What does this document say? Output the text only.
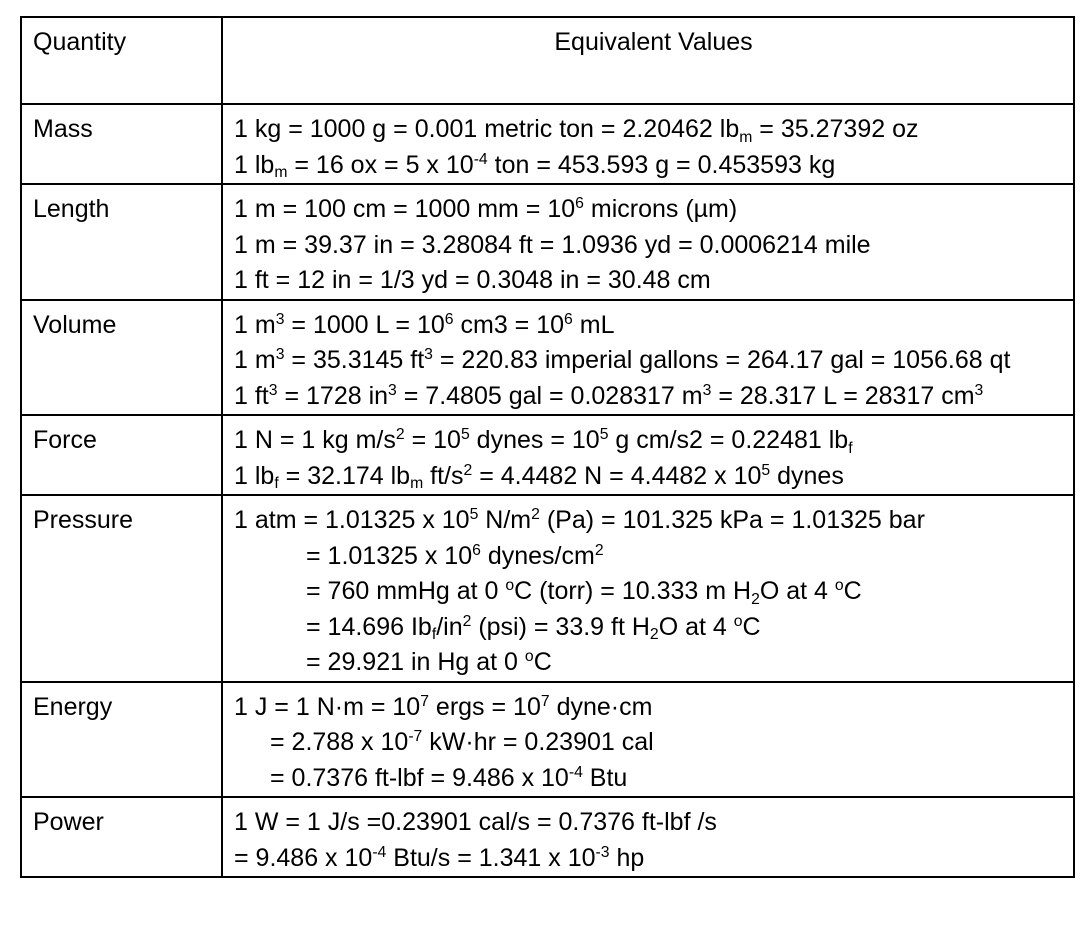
Quantity	Equivalent Values
Mass	1 kg = 1000 g = 0.001 metric ton = 2.20462 $lb_m = 35.27392$ oz
1 $lb_m = 16$ ox = 5 x $10^{-4}$ ton = 453.593 g = 0.453593 kg

Length	1 m = 100 cm = 1000 mm = $10^6$ microns (µm)
1 m = 39.37 in = 3.28084 ft = 1.0936 yd = 0.0006214 mile
1 ft = 12 in = 1/3 yd = 0.3048 in = 30.48 cm

Volume	1 $m^3 = 1000$ $L = 10^6$ $cm3 = 10^6$ mL
1 $m^3 = 35.3145$ $ft^3 = 220.83$ imperial gallons = 264.17 gal = 1056.68 qt
1 $ft^3 = 1728$ $in^3 = 7.4805$ gal = 0.028317 $m^3 = 28.317$ L = 28317 $cm^3$

Force	1 N = 1 kg $m/s^2 = 10^5$ dynes = $10^5$ g cm/s2 = 0.22481 $lb_f$
1 $lb_f = 32.174$ $lb_m$ $ft/s^2 = 4.4482$ N = 4.4482 x $10^5$ dynes

Pressure	1 atm = 1.01325 x $10^5$ $N/m^2$ (Pa) = 101.325 kPa = 1.01325 bar
= 1.01325 x $10^6$ dynes/$cm^2$
= 760 mmHg at 0 $^o$C (torr) = 10.333 m $H_2O$ at 4 $^o$C
= 14.696 $Ib_f/in^2$ (psi) = 33.9 ft $H_2O$ at 4 $^o$C
= 29.921 in Hg at 0 $^o$C

Energy	1 J = 1 $N\cdot m = 10^7$ ergs = $10^7$ dyne·cm
= 2.788 x $10^{-7}$ kW·hr = 0.23901 cal
= 0.7376 ft-lbf = 9.486 x $10^{-4}$ Btu

Power	1 W = 1 J/s =0.23901 cal/s = 0.7376 ft-lbf /s
= 9.486 x $10^{-4}$ Btu/s = 1.341 x $10^{-3}$ hp
